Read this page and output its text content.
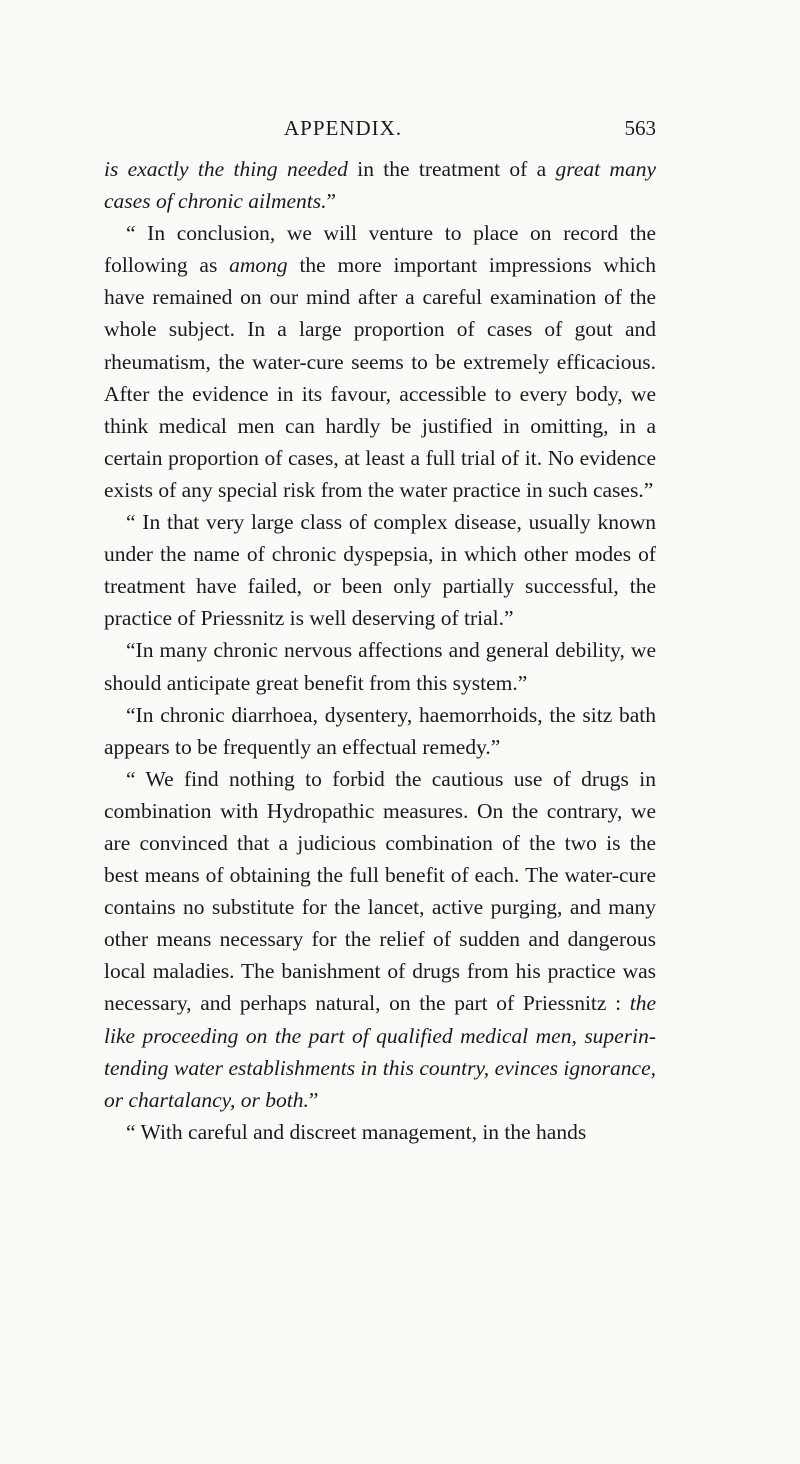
APPENDIX.	563

is exactly the thing needed in the treatment of a great many cases of chronic ailments.”

“ In conclusion, we will venture to place on record the following as among the more important impressions which have remained on our mind after a careful examination of the whole subject. In a large proportion of cases of gout and rheumatism, the water-cure seems to be extremely efficacious. After the evidence in its favour, accessible to every body, we think medical men can hardly be justified in omitting, in a certain proportion of cases, at least a full trial of it. No evidence exists of any special risk from the water practice in such cases.”

“ In that very large class of complex disease, usually known under the name of chronic dyspepsia, in which other modes of treatment have failed, or been only partially successful, the practice of Priessnitz is well deserving of trial.”

“In many chronic nervous affections and general debility, we should anticipate great benefit from this system.”

“In chronic diarrhoea, dysentery, haemorrhoids, the sitz bath appears to be frequently an effectual remedy.”

“ We find nothing to forbid the cautious use of drugs in combination with Hydropathic measures. On the contrary, we are convinced that a judicious combination of the two is the best means of obtaining the full benefit of each. The water-cure contains no substitute for the lancet, active purging, and many other means necessary for the relief of sudden and dangerous local maladies. The banishment of drugs from his practice was necessary, and perhaps natural, on the part of Priessnitz : the like proceeding on the part of qualified medical men, superintending water establishments in this country, evinces ignorance, or chartalancy, or both.”

“ With careful and discreet management, in the hands
